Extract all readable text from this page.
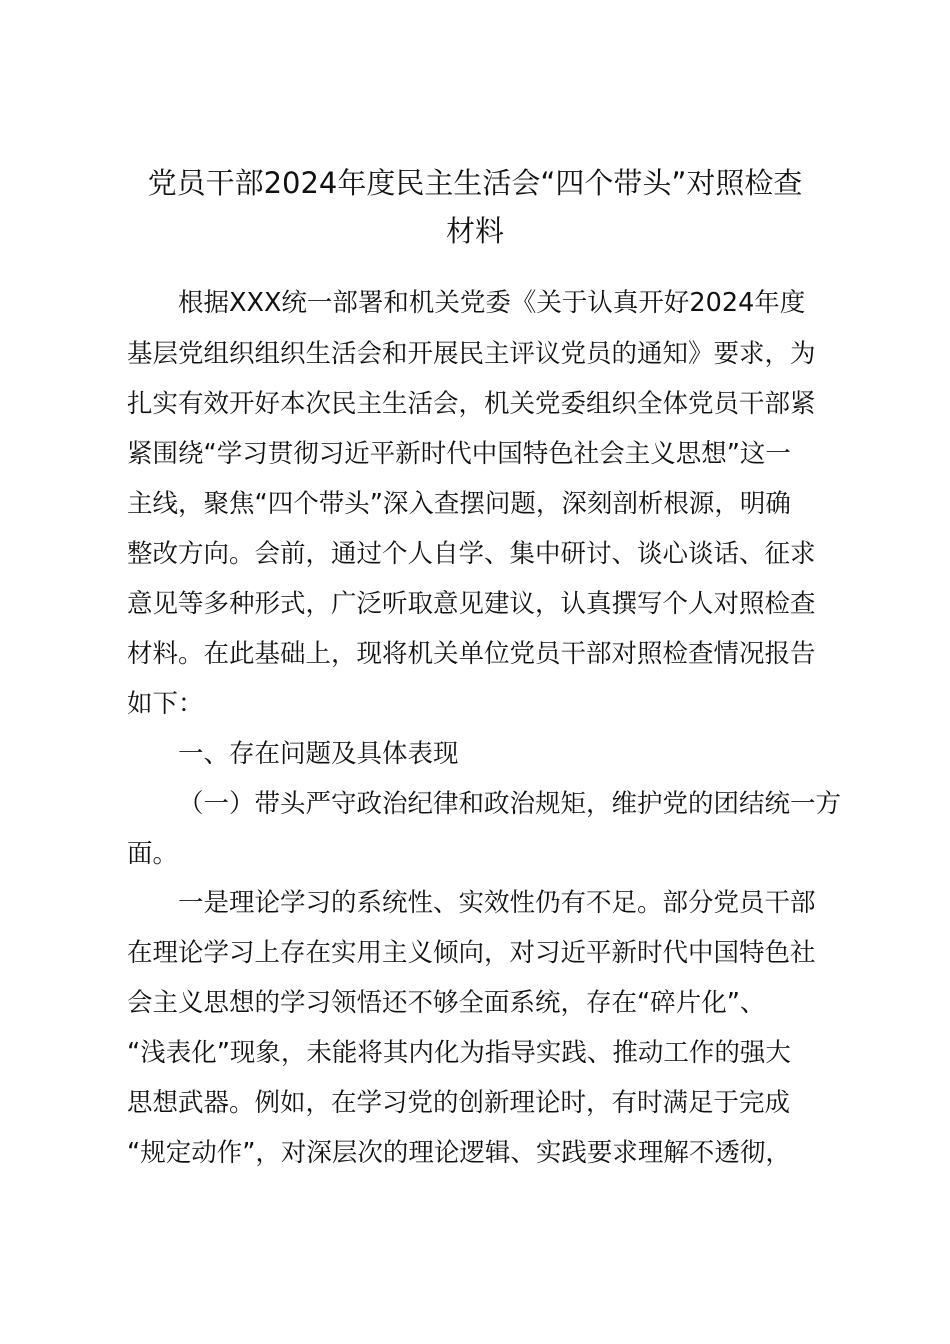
党员干部2024年度民主生活会“四个带头”对照检查
材料

根据XXX统一部署和机关党委《关于认真开好2024年度

基层党组织组织生活会和开展民主评议党员的通知》要求，为

扎实有效开好本次民主生活会，机关党委组织全体党员干部紧

紧围绕“学习贯彻习近平新时代中国特色社会主义思想”这一

主线，聚焦“四个带头”深入查摆问题，深刻剖析根源，明确

整改方向。会前，通过个人自学、集中研讨、谈心谈话、征求

意见等多种形式，广泛听取意见建议，认真撰写个人对照检查

材料。在此基础上，现将机关单位党员干部对照检查情况报告

如下：

一、存在问题及具体表现

（一）带头严守政治纪律和政治规矩，维护党的团结统一方

面。

一是理论学习的系统性、实效性仍有不足。部分党员干部

在理论学习上存在实用主义倾向，对习近平新时代中国特色社

会主义思想的学习领悟还不够全面系统，存在“碎片化”、

“浅表化”现象，未能将其内化为指导实践、推动工作的强大

思想武器。例如，在学习党的创新理论时，有时满足于完成

“规定动作”，对深层次的理论逻辑、实践要求理解不透彻，
